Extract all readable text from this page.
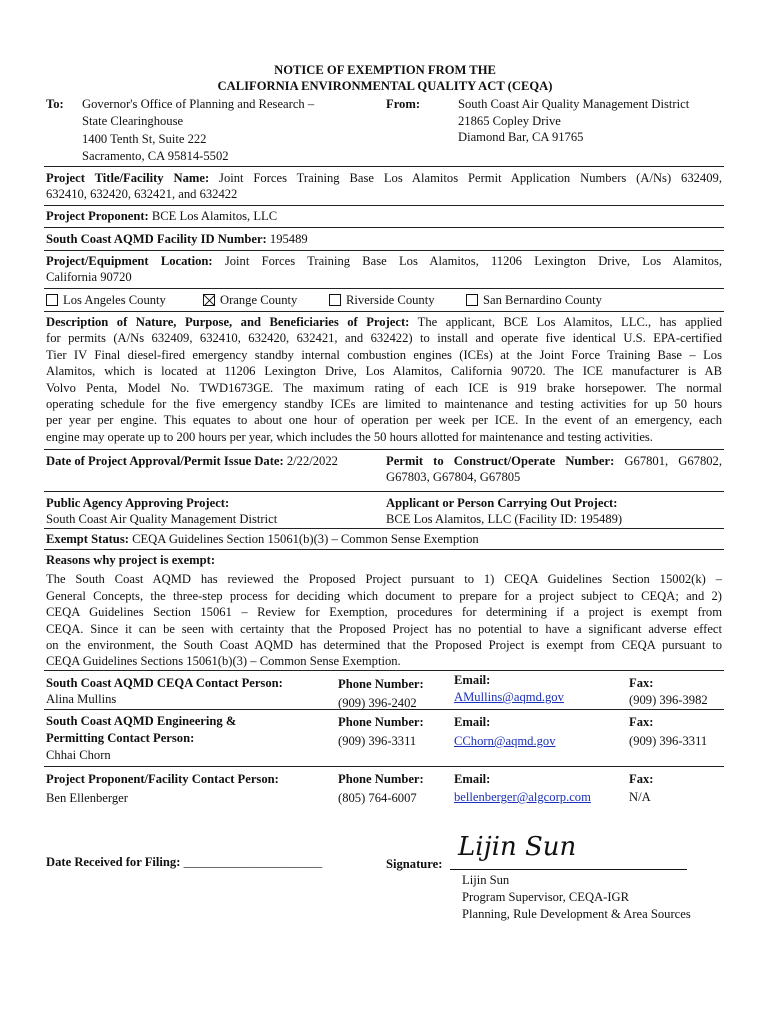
NOTICE OF EXEMPTION FROM THE
CALIFORNIA ENVIRONMENTAL QUALITY ACT (CEQA)
To: Governor's Office of Planning and Research –
State Clearinghouse
1400 Tenth St, Suite 222
Sacramento, CA 95814-5502
From:	South Coast Air Quality Management District
21865 Copley Drive
Diamond Bar, CA 91765
Project Title/Facility Name: Joint Forces Training Base Los Alamitos Permit Application Numbers (A/Ns) 632409,
632410, 632420, 632421, and 632422
Project Proponent: BCE Los Alamitos, LLC
South Coast AQMD Facility ID Number: 195489
Project/Equipment Location: Joint Forces Training Base Los Alamitos, 11206 Lexington Drive, Los Alamitos,
California 90720
Los Angeles County	Orange County	Riverside County	San Bernardino County
Description of Nature, Purpose, and Beneficiaries of Project: The applicant, BCE Los Alamitos, LLC., has applied
for permits (A/Ns 632409, 632410, 632420, 632421, and 632422) to install and operate five identical U.S. EPA-certified
Tier IV Final diesel-fired emergency standby internal combustion engines (ICEs) at the Joint Force Training Base – Los
Alamitos, which is located at 11206 Lexington Drive, Los Alamitos, California 90720. The ICE manufacturer is AB
Volvo Penta, Model No. TWD1673GE. The maximum rating of each ICE is 919 brake horsepower. The normal
operating schedule for the five emergency standby ICEs are limited to maintenance and testing activities for up 50 hours
per year per engine. This equates to about one hour of operation per week per ICE. In the event of an emergency, each
engine may operate up to 200 hours per year, which includes the 50 hours allotted for maintenance and testing activities.
Date of Project Approval/Permit Issue Date: 2/22/2022	Permit to Construct/Operate Number: G67801, G67802,
G67803, G67804, G67805
Public Agency Approving Project:
South Coast Air Quality Management District
Applicant or Person Carrying Out Project:
BCE Los Alamitos, LLC (Facility ID: 195489)
Exempt Status: CEQA Guidelines Section 15061(b)(3) – Common Sense Exemption
Reasons why project is exempt:
The South Coast AQMD has reviewed the Proposed Project pursuant to 1) CEQA Guidelines Section 15002(k) –
General Concepts, the three-step process for deciding which document to prepare for a project subject to CEQA; and 2)
CEQA Guidelines Section 15061 – Review for Exemption, procedures for determining if a project is exempt from
CEQA. Since it can be seen with certainty that the Proposed Project has no potential to have a significant adverse effect
on the environment, the South Coast AQMD has determined that the Proposed Project is exempt from CEQA pursuant to
CEQA Guidelines Sections 15061(b)(3) – Common Sense Exemption.
South Coast AQMD CEQA Contact Person:
Alina Mullins
Phone Number:
(909) 396-2402
Email:
AMullins@aqmd.gov
Fax:
(909) 396-3982
South Coast AQMD Engineering &
Permitting Contact Person:
Chhai Chorn
Phone Number:
(909) 396-3311
Email:
CChorn@aqmd.gov
Fax:
(909) 396-3311
Project Proponent/Facility Contact Person:
Ben Ellenberger
Phone Number:
(805) 764-6007
Email:
bellenberger@algcorp.com
Fax:
N/A
Date Received for Filing: ______________________	Signature:
Lijin Sun
Lijin Sun
Program Supervisor, CEQA-IGR
Planning, Rule Development & Area Sources
